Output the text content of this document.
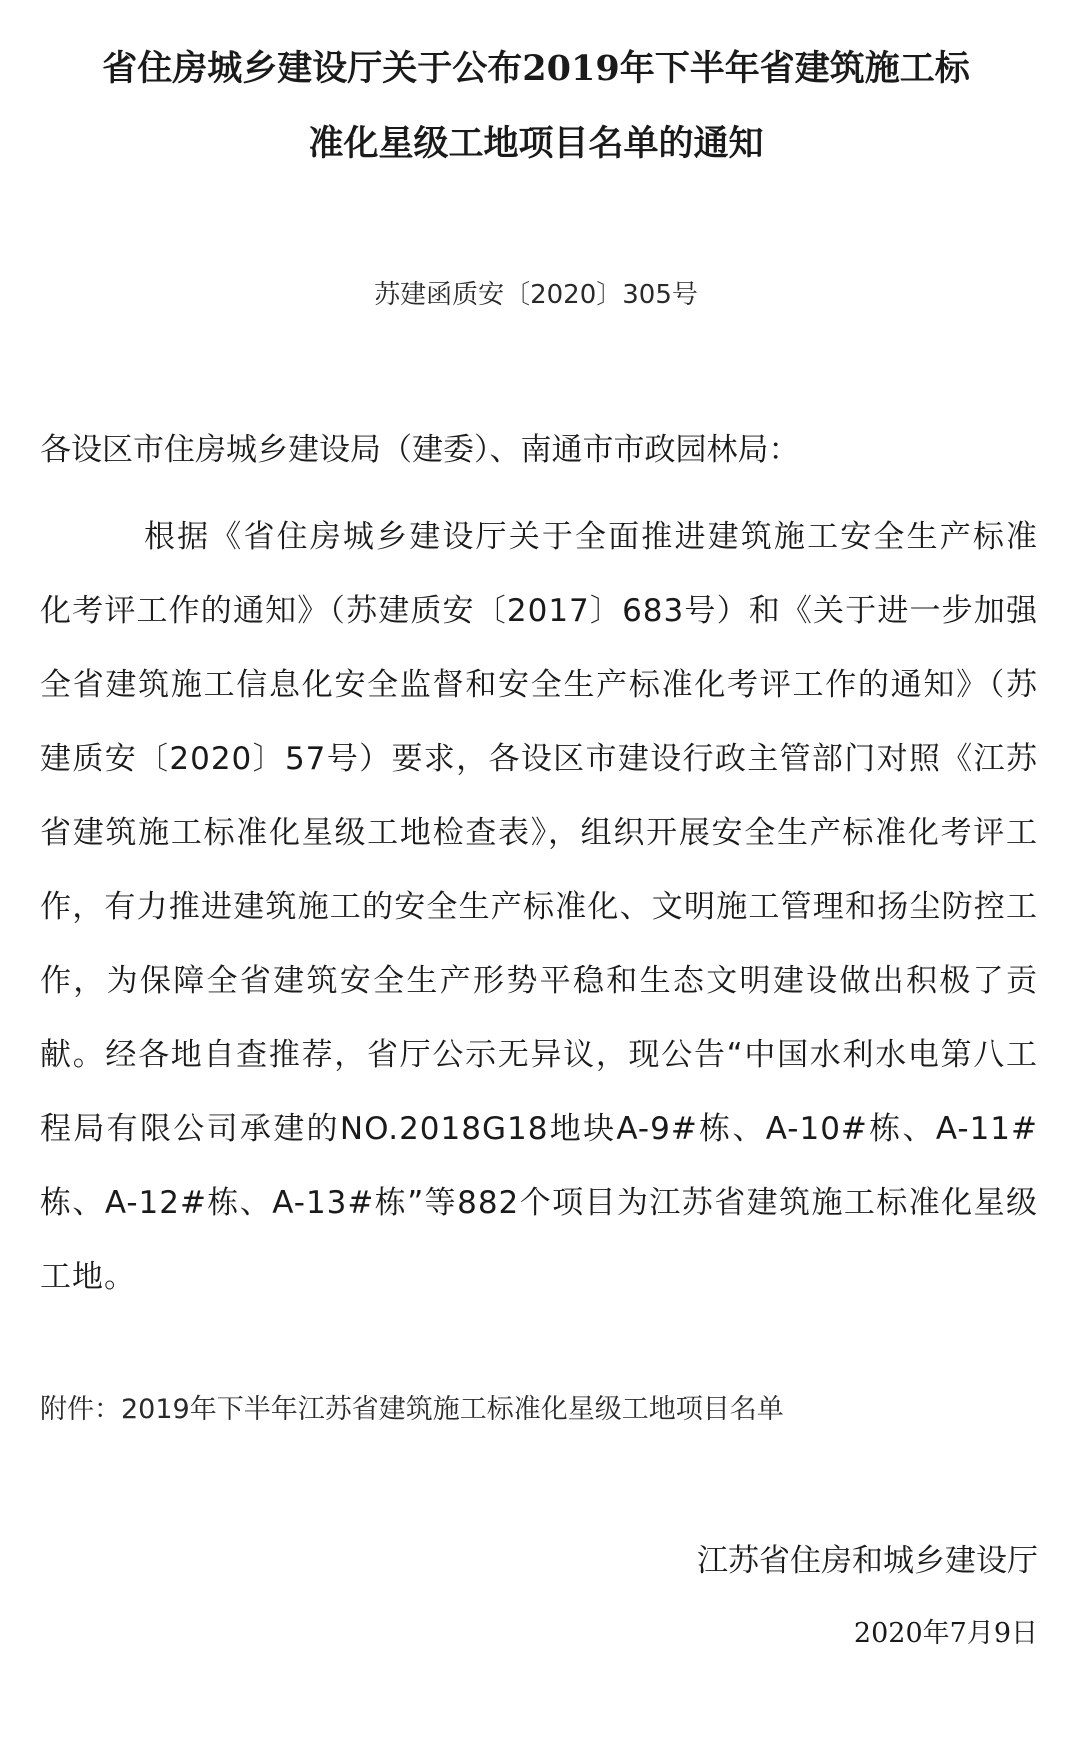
省住房城乡建设厅关于公布2019年下半年省建筑施工标
准化星级工地项目名单的通知
苏建函质安〔2020〕305号
各设区市住房城乡建设局（建委）、南通市市政园林局：

根据《省住房城乡建设厅关于全面推进建筑施工安全生产标准化考评工作的通知》（苏建质安〔2017〕683号）和《关于进一步加强全省建筑施工信息化安全监督和安全生产标准化考评工作的通知》（苏建质安〔2020〕57号）要求，各设区市建设行政主管部门对照《江苏省建筑施工标准化星级工地检查表》，组织开展安全生产标准化考评工作，有力推进建筑施工的安全生产标准化、文明施工管理和扬尘防控工作，为保障全省建筑安全生产形势平稳和生态文明建设做出积极了贡献。经各地自查推荐，省厅公示无异议，现公告“中国水利水电第八工程局有限公司承建的NO.2018G18地块A-9#栋、A-10#栋、A-11#栋、A-12#栋、A-13#栋”等882个项目为江苏省建筑施工标准化星级工地。

附件：2019年下半年江苏省建筑施工标准化星级工地项目名单
江苏省住房和城乡建设厅
2020年7月9日
